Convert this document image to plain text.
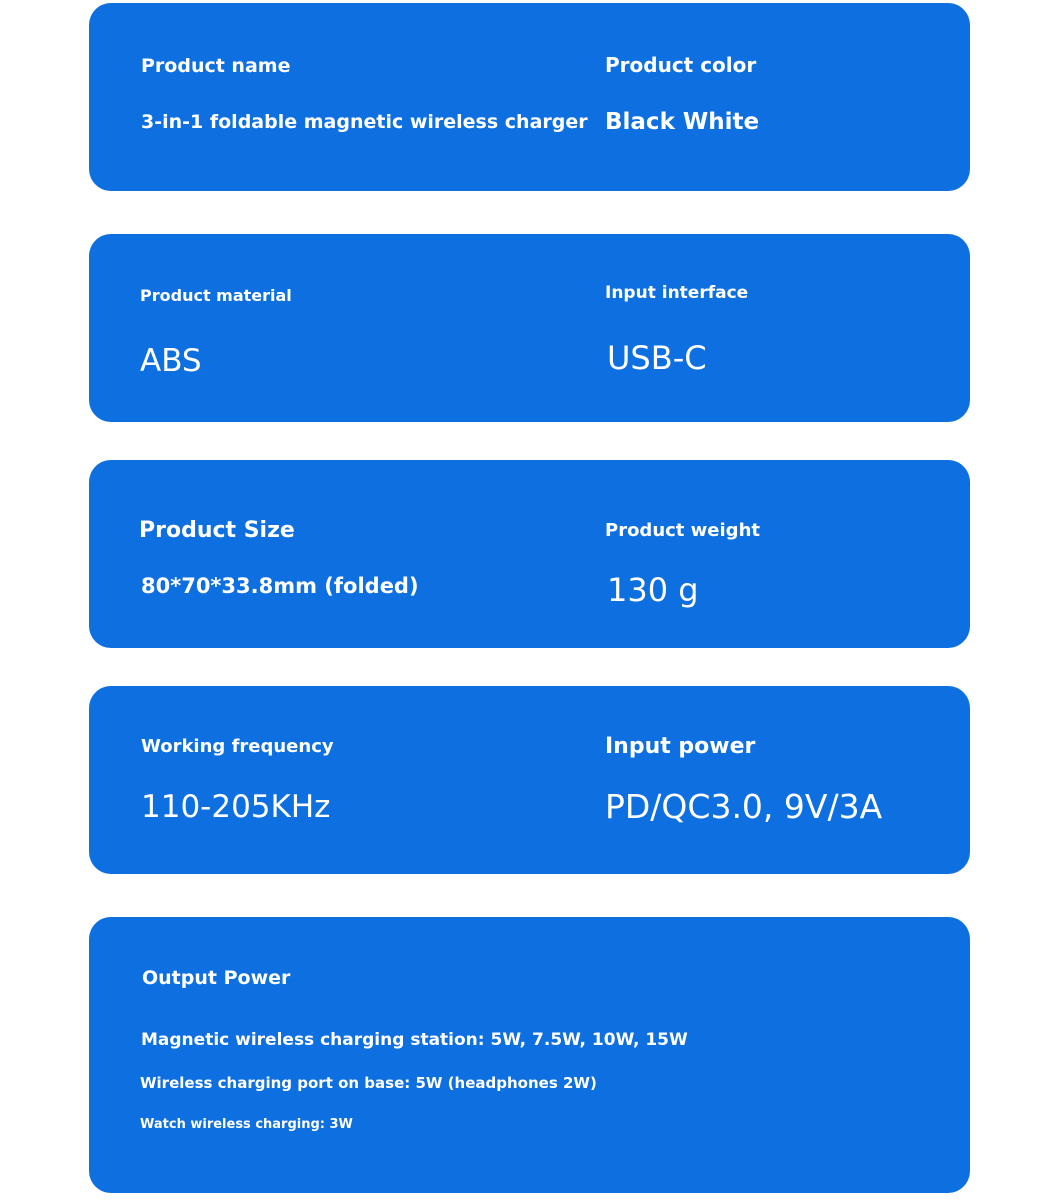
Product name
3-in-1 foldable magnetic wireless charger
Product color
Black White
Product material
ABS
Input interface
USB-C
Product Size
80*70*33.8mm (folded)
Product weight
130 g
Working frequency
110-205KHz
Input power
PD/QC3.0, 9V/3A
Output Power
Magnetic wireless charging station: 5W, 7.5W, 10W, 15W
Wireless charging port on base: 5W (headphones 2W)
Watch wireless charging: 3W
